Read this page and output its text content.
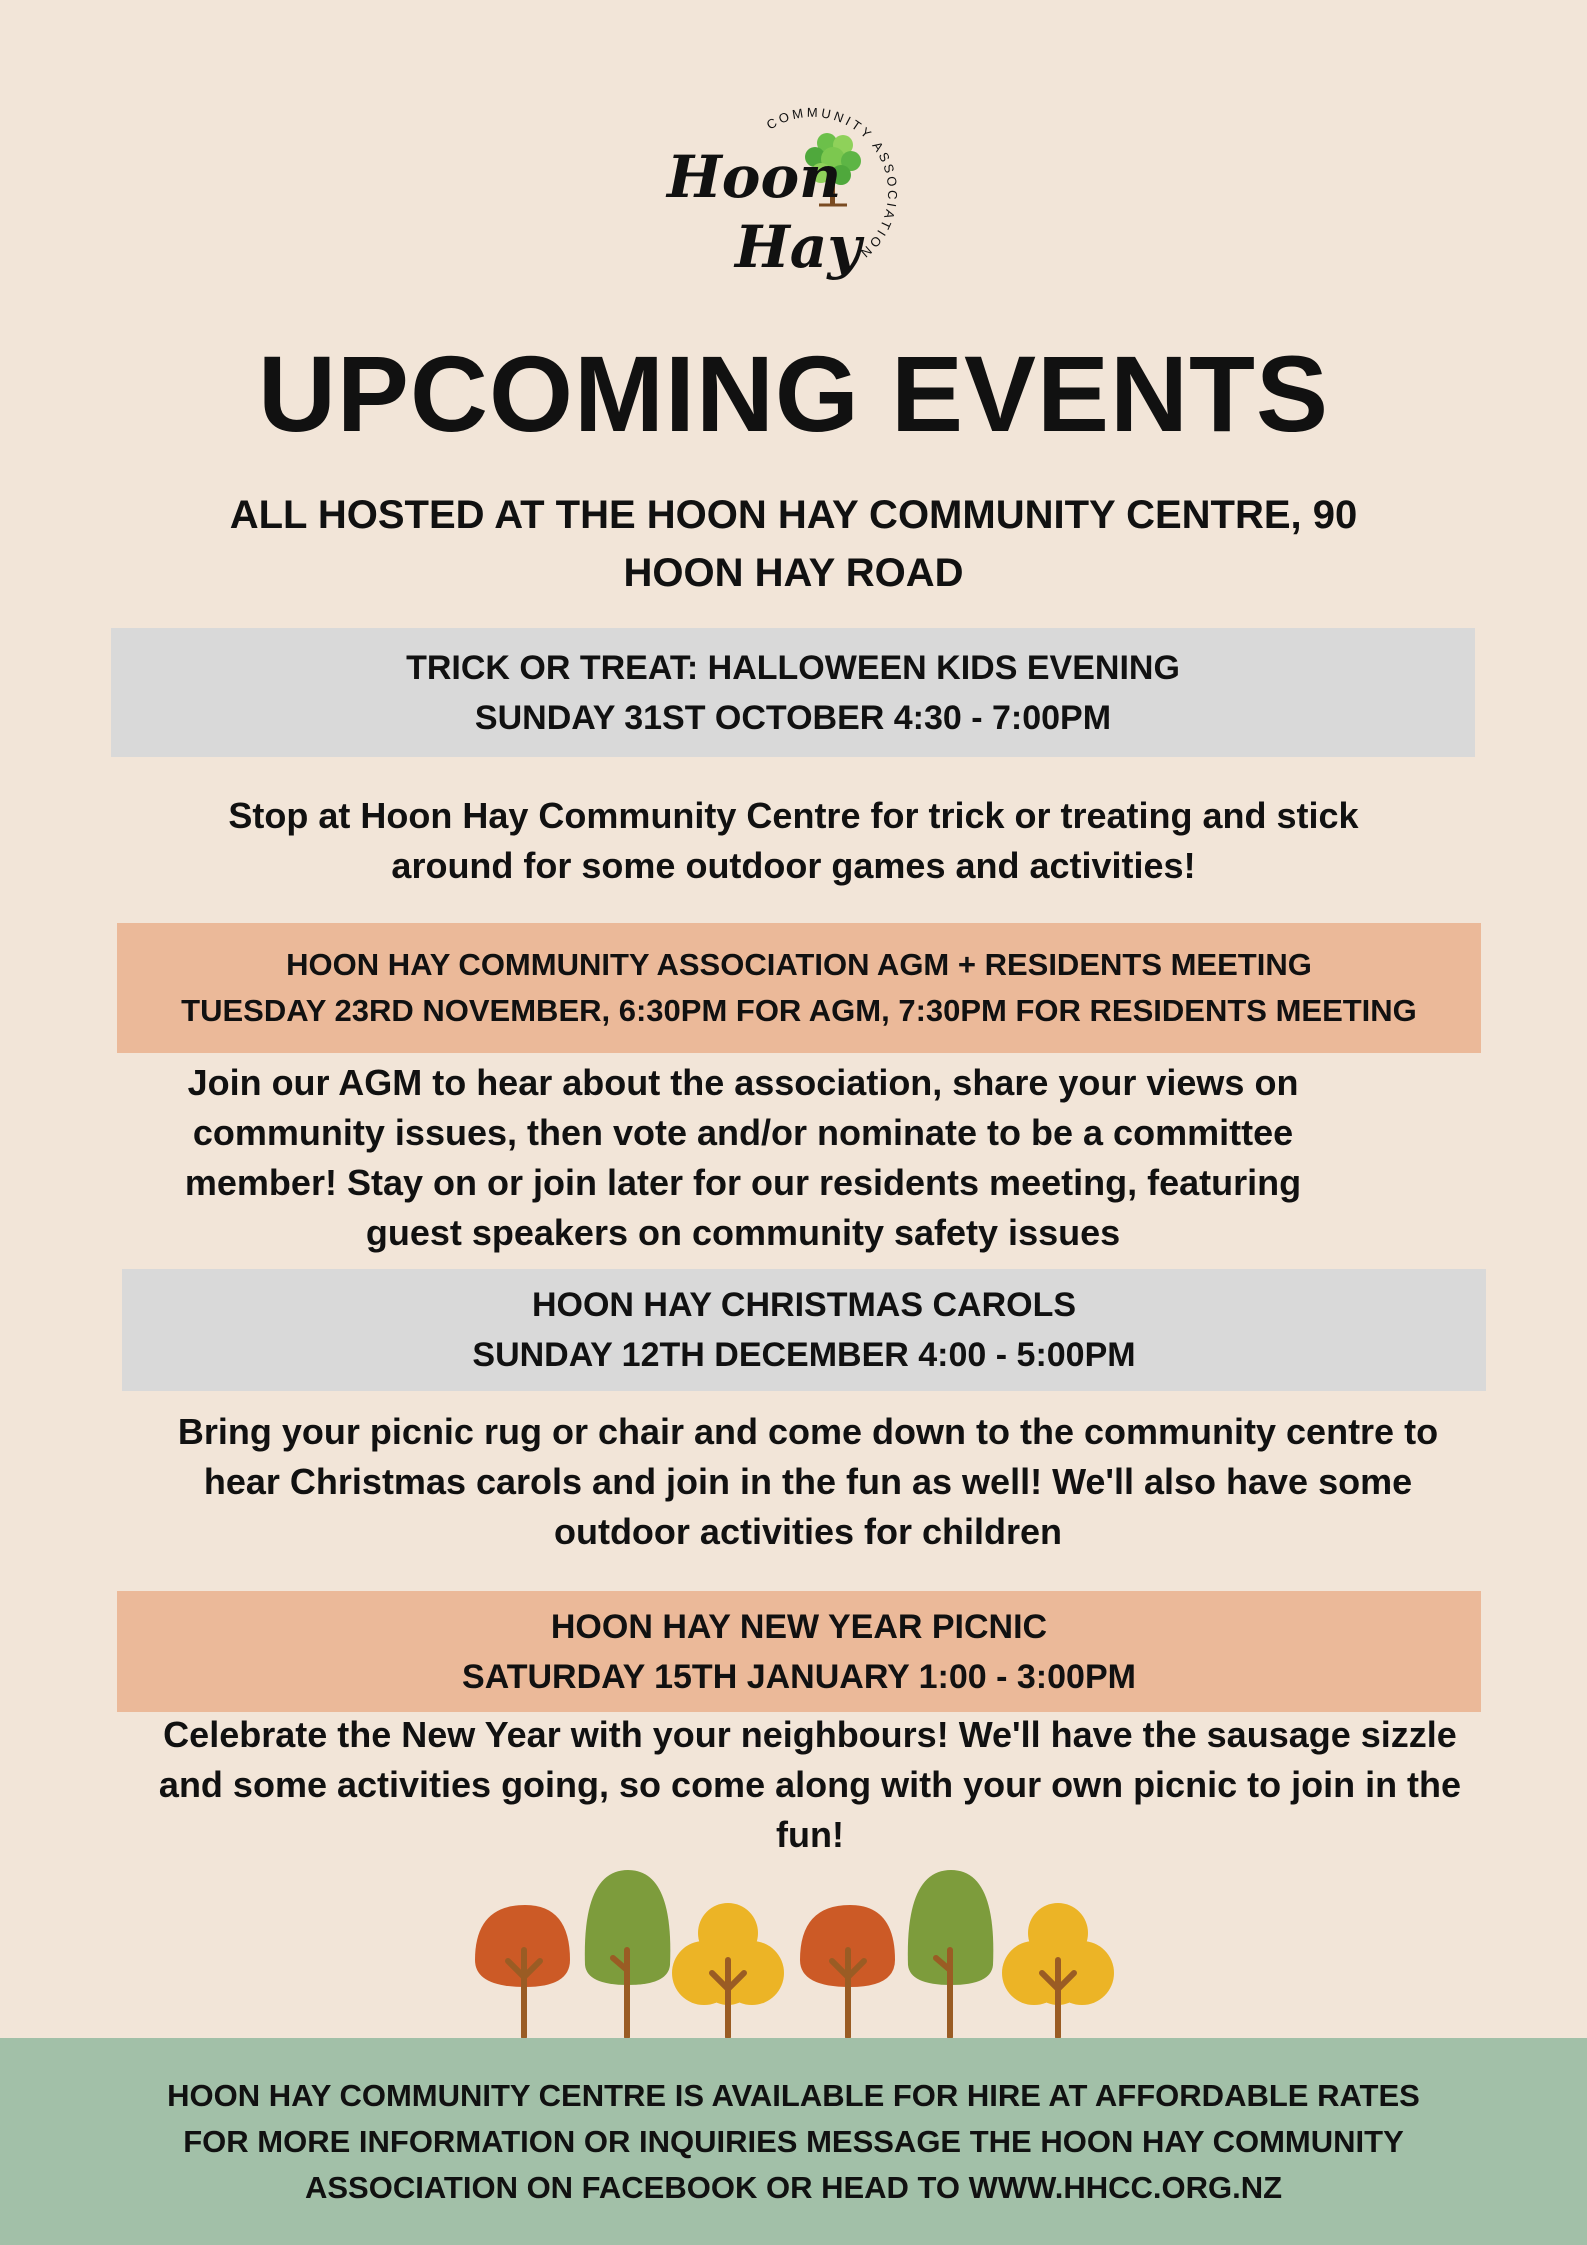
COMMUNITY ASSOCIATION
Hoon
Hay
UPCOMING EVENTS
ALL HOSTED AT THE HOON HAY COMMUNITY CENTRE, 90 HOON HAY ROAD
TRICK OR TREAT: HALLOWEEN KIDS EVENING
SUNDAY 31ST OCTOBER 4:30 - 7:00PM
Stop at Hoon Hay Community Centre for trick or treating and stick around for some outdoor games and activities!
HOON HAY COMMUNITY ASSOCIATION AGM + RESIDENTS MEETING
TUESDAY 23RD NOVEMBER, 6:30PM FOR AGM, 7:30PM FOR RESIDENTS MEETING
Join our AGM to hear about the association, share your views on community issues, then vote and/or nominate to be a committee member! Stay on or join later for our residents meeting, featuring guest speakers on community safety issues
HOON HAY CHRISTMAS CAROLS
SUNDAY 12TH DECEMBER 4:00 - 5:00PM
Bring your picnic rug or chair and come down to the community centre to hear Christmas carols and join in the fun as well! We'll also have some outdoor activities for children
HOON HAY NEW YEAR PICNIC
SATURDAY 15TH JANUARY 1:00 - 3:00PM
Celebrate the New Year with your neighbours! We'll have the sausage sizzle and some activities going, so come along with your own picnic to join in the fun!
HOON HAY COMMUNITY CENTRE IS AVAILABLE FOR HIRE AT AFFORDABLE RATES
FOR MORE INFORMATION OR INQUIRIES MESSAGE THE HOON HAY COMMUNITY ASSOCIATION ON FACEBOOK OR HEAD TO WWW.HHCC.ORG.NZ
